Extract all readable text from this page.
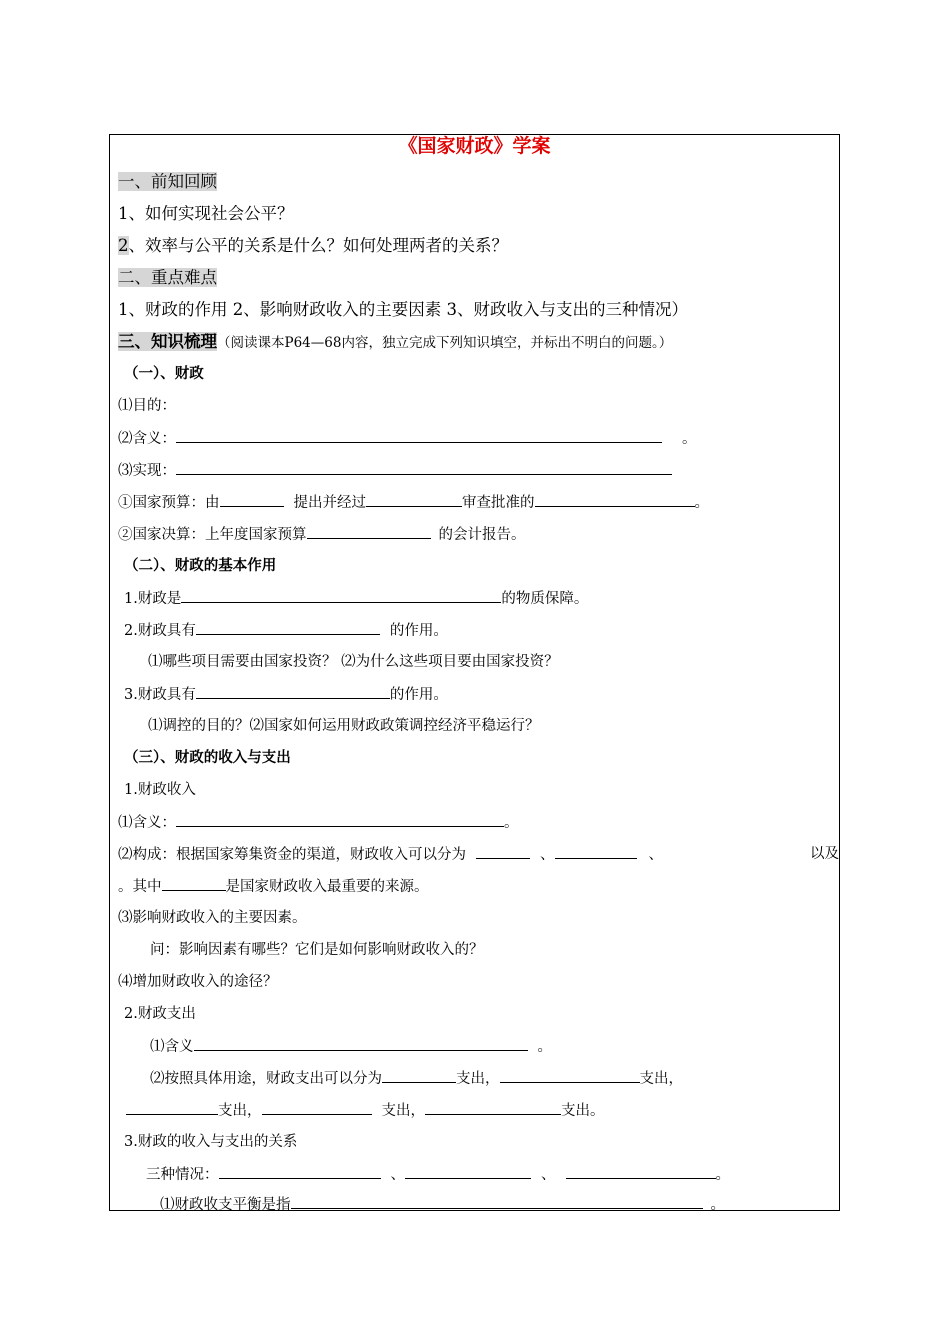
《国家财政》学案
一、前知回顾
1、如何实现社会公平？
2、效率与公平的关系是什么？如何处理两者的关系？
二、重点难点
1、财政的作用 2、影响财政收入的主要因素 3、财政收入与支出的三种情况）
三、知识梳理（阅读课本P64—68内容，独立完成下列知识填空，并标出不明白的问题。）
（一）、财政
⑴目的：
⑵含义：	。
⑶实现：
①国家预算：由	提出并经过	审查批准的	。
②国家决算：上年度国家预算	的会计报告。
（二）、财政的基本作用
1.财政是	的物质保障。
2.财政具有	的作用。
⑴哪些项目需要由国家投资？ ⑵为什么这些项目要由国家投资？
3.财政具有	的作用。
⑴调控的目的？⑵国家如何运用财政政策调控经济平稳运行？
（三）、财政的收入与支出
1.财政收入
⑴含义：	。
⑵构成：根据国家筹集资金的渠道，财政收入可以分为	、	、	以及
。其中	是国家财政收入最重要的来源。
⑶影响财政收入的主要因素。
问：影响因素有哪些？它们是如何影响财政收入的？
⑷增加财政收入的途径？
2.财政支出
⑴含义	。
⑵按照具体用途，财政支出可以分为	支出，	支出，
支出，	支出，	支出。
3.财政的收入与支出的关系
三种情况：	、	、	。
⑴财政收支平衡是指	。
